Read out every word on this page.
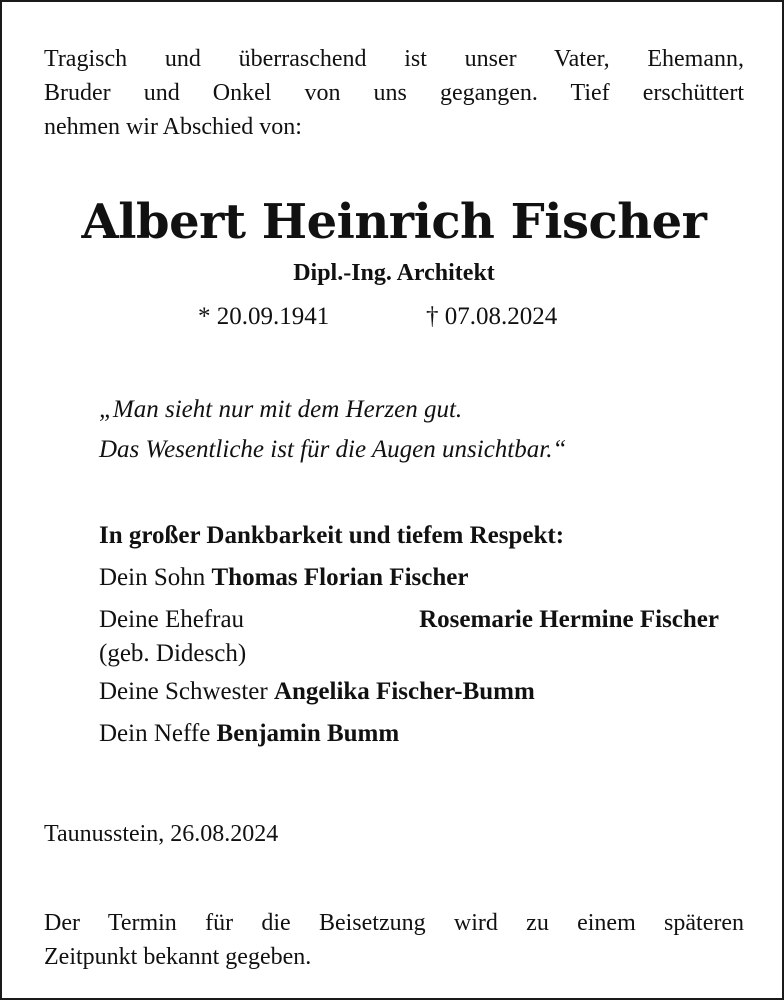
Tragisch und überraschend ist unser Vater, Ehemann,
Bruder und Onkel von uns gegangen. Tief erschüttert
nehmen wir Abschied von:
Albert Heinrich Fischer
Dipl.-Ing. Architekt
* 20.09.1941	† 07.08.2024
„Man sieht nur mit dem Herzen gut.
Das Wesentliche ist für die Augen unsichtbar.“
In großer Dankbarkeit und tiefem Respekt:
Dein Sohn Thomas Florian Fischer
Deine Ehefrau	Rosemarie Hermine Fischer
(geb. Didesch)
Deine Schwester Angelika Fischer-Bumm
Dein Neffe Benjamin Bumm
Taunusstein, 26.08.2024
Der Termin für die Beisetzung wird zu einem späteren
Zeitpunkt bekannt gegeben.
